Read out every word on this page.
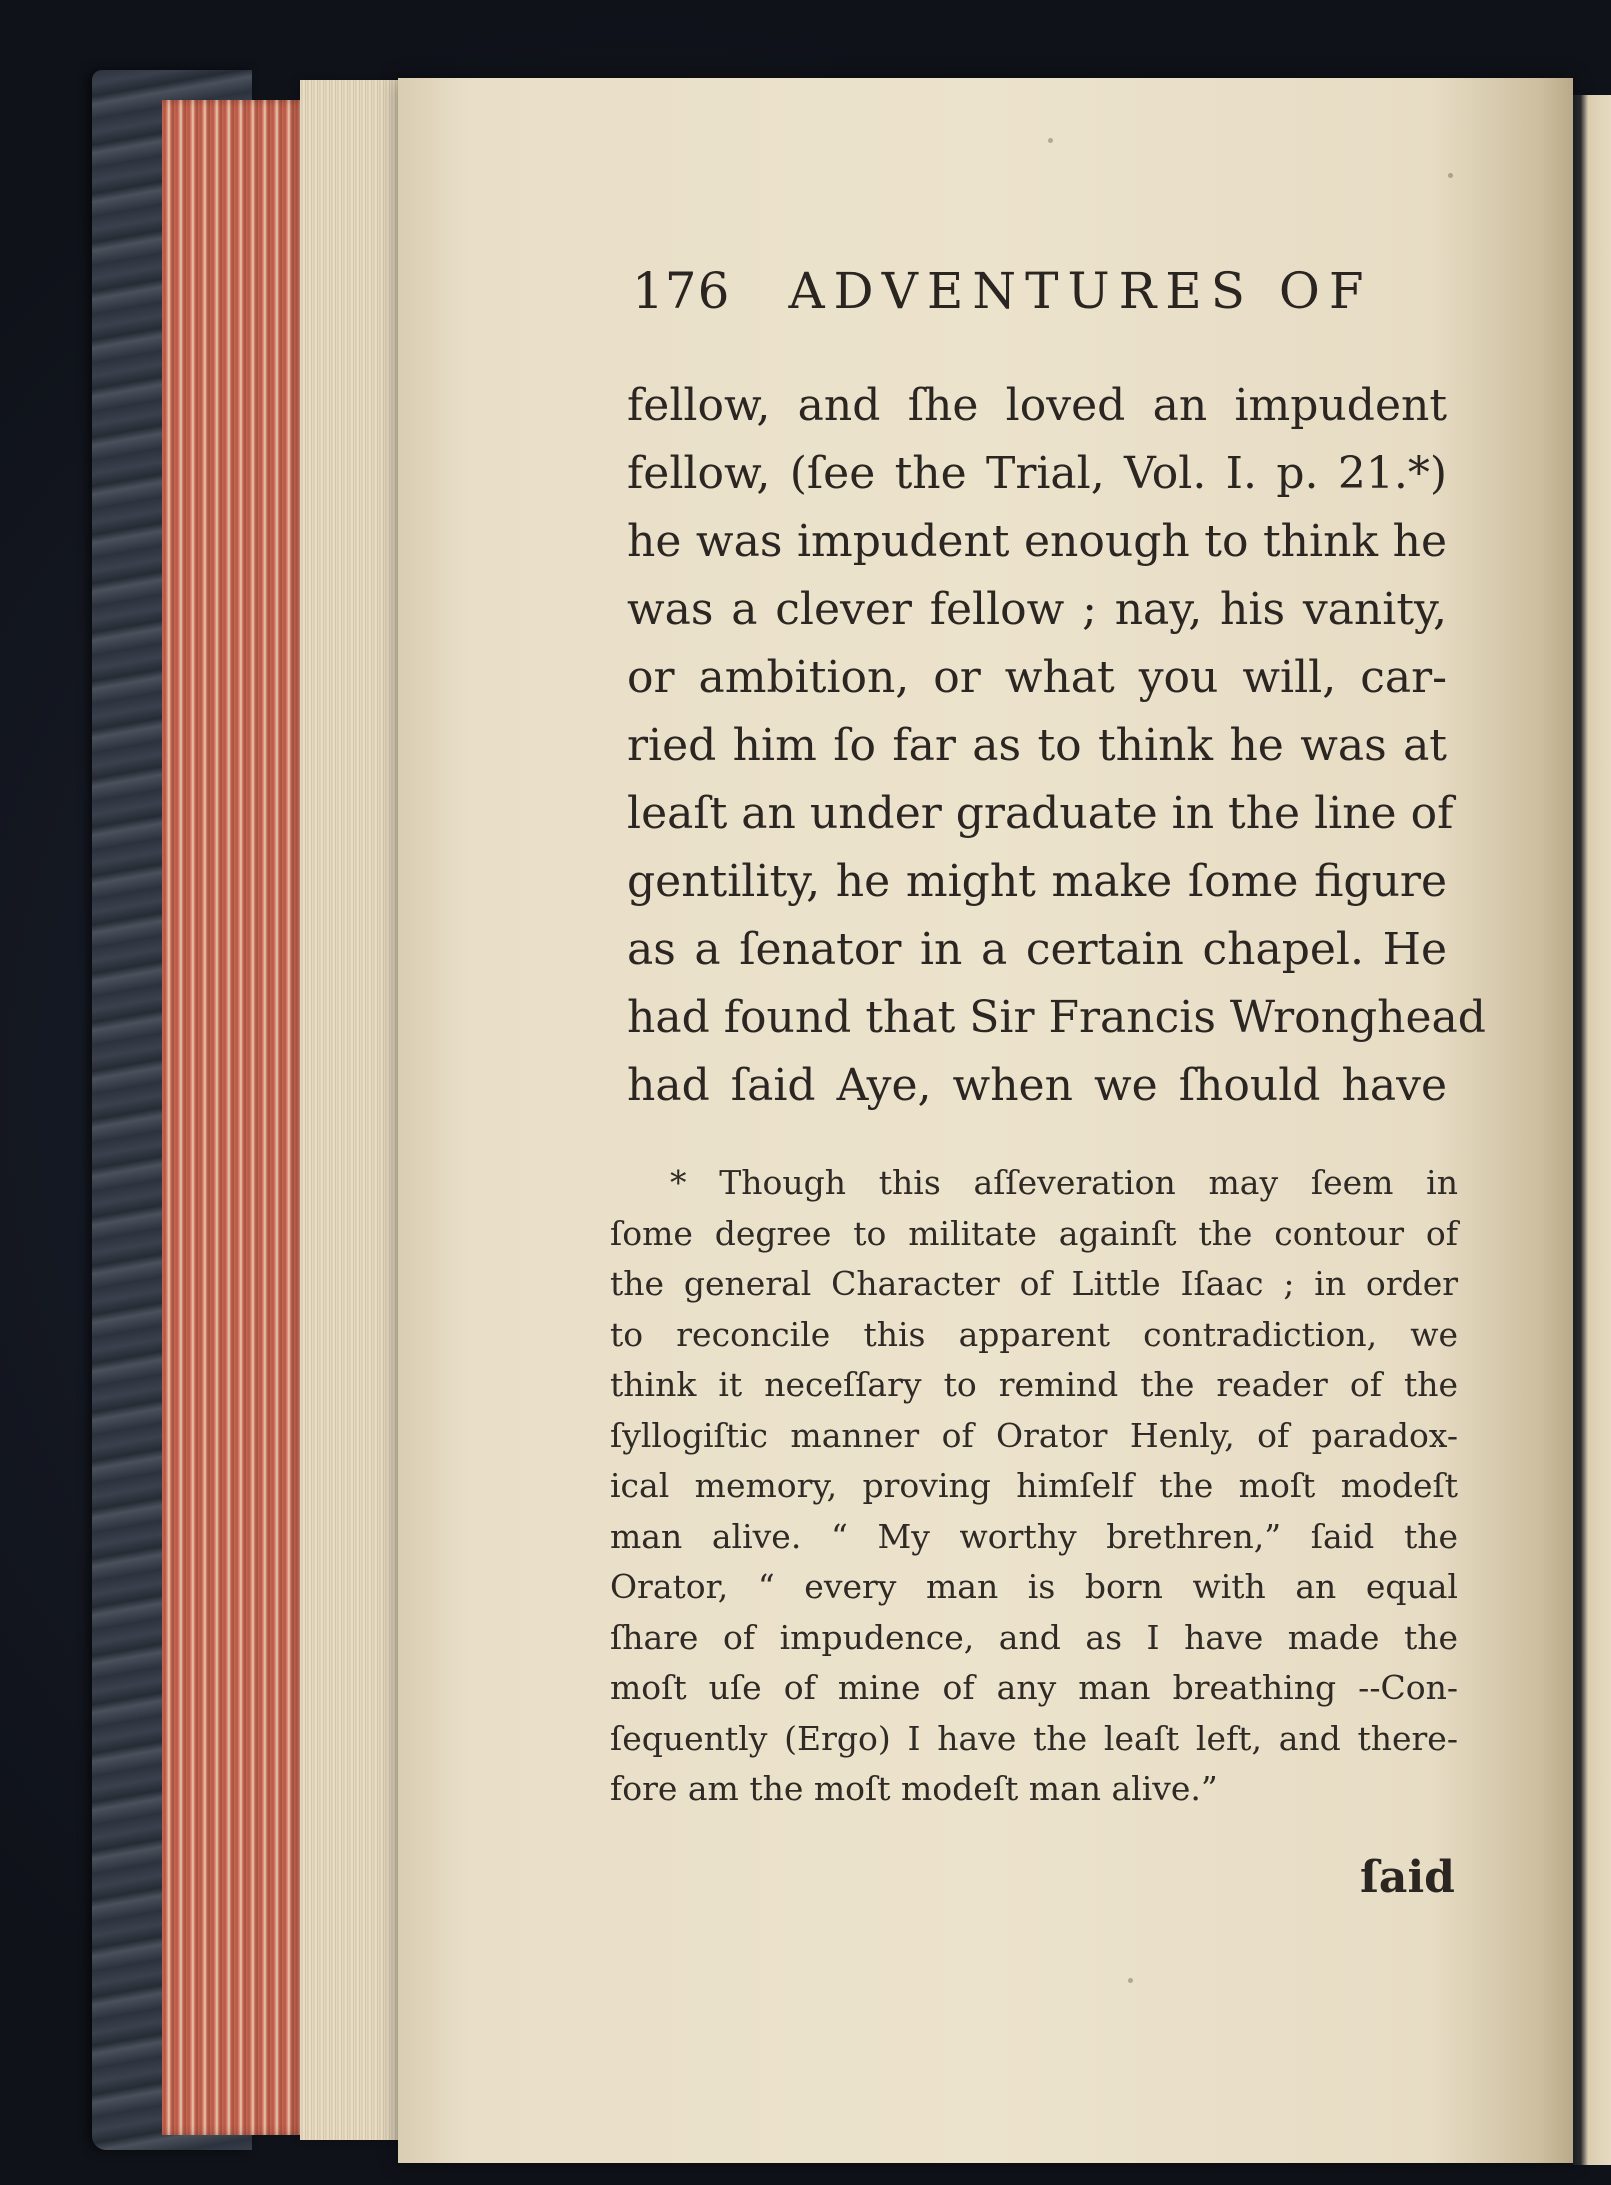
176 ADVENTURES OF
fellow, and ſhe loved an impudent
fellow, (ſee the Trial, Vol. I. p. 21.*)
he was impudent enough to think he
was a clever fellow ; nay, his vanity,
or ambition, or what you will, car-
ried him ſo far as to think he was at
leaſt an under graduate in the line of
gentility, he might make ſome figure
as a ſenator in a certain chapel. He
had found that Sir Francis Wronghead
had ſaid Aye, when we ſhould have
* Though this aſſeveration may ſeem in
ſome degree to militate againſt the contour of
the general Character of Little Iſaac ; in order
to reconcile this apparent contradiction, we
think it neceſſary to remind the reader of the
ſyllogiſtic manner of Orator Henly, of paradox-
ical memory, proving himſelf the moſt modeſt
man alive. “ My worthy brethren,” ſaid the
Orator, “ every man is born with an equal
ſhare of impudence, and as I have made the
moſt uſe of mine of any man breathing --Con-
ſequently (Ergo) I have the leaſt left, and there-
fore am the moſt modeſt man alive.”
ſaid
